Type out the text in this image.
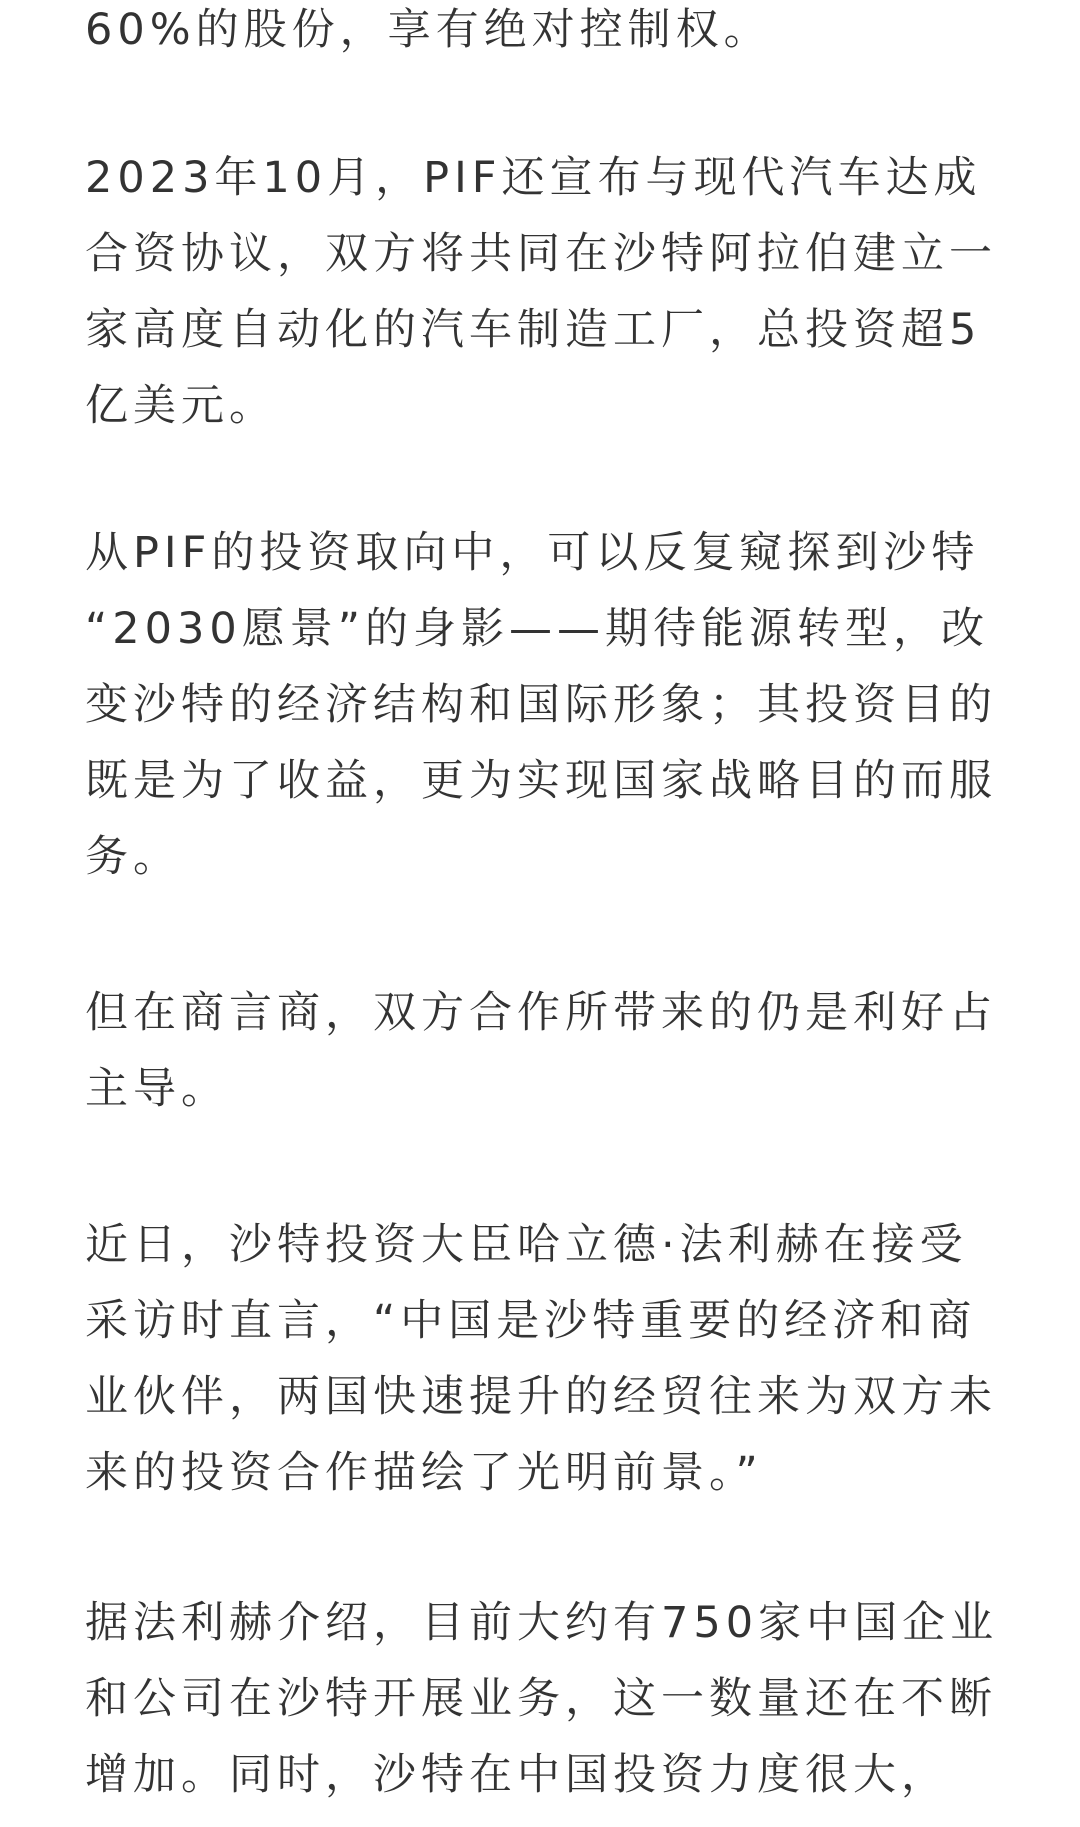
60%的股份，享有绝对控制权。

2023年10月，PIF还宣布与现代汽车达成
合资协议，双方将共同在沙特阿拉伯建立一
家高度自动化的汽车制造工厂，总投资超5
亿美元。

从PIF的投资取向中，可以反复窥探到沙特
“2030愿景”的身影——期待能源转型，改
变沙特的经济结构和国际形象；其投资目的
既是为了收益，更为实现国家战略目的而服
务。

但在商言商，双方合作所带来的仍是利好占
主导。

近日，沙特投资大臣哈立德·法利赫在接受
采访时直言，“中国是沙特重要的经济和商
业伙伴，两国快速提升的经贸往来为双方未
来的投资合作描绘了光明前景。”

据法利赫介绍，目前大约有750家中国企业
和公司在沙特开展业务，这一数量还在不断
增加。同时，沙特在中国投资力度很大，
